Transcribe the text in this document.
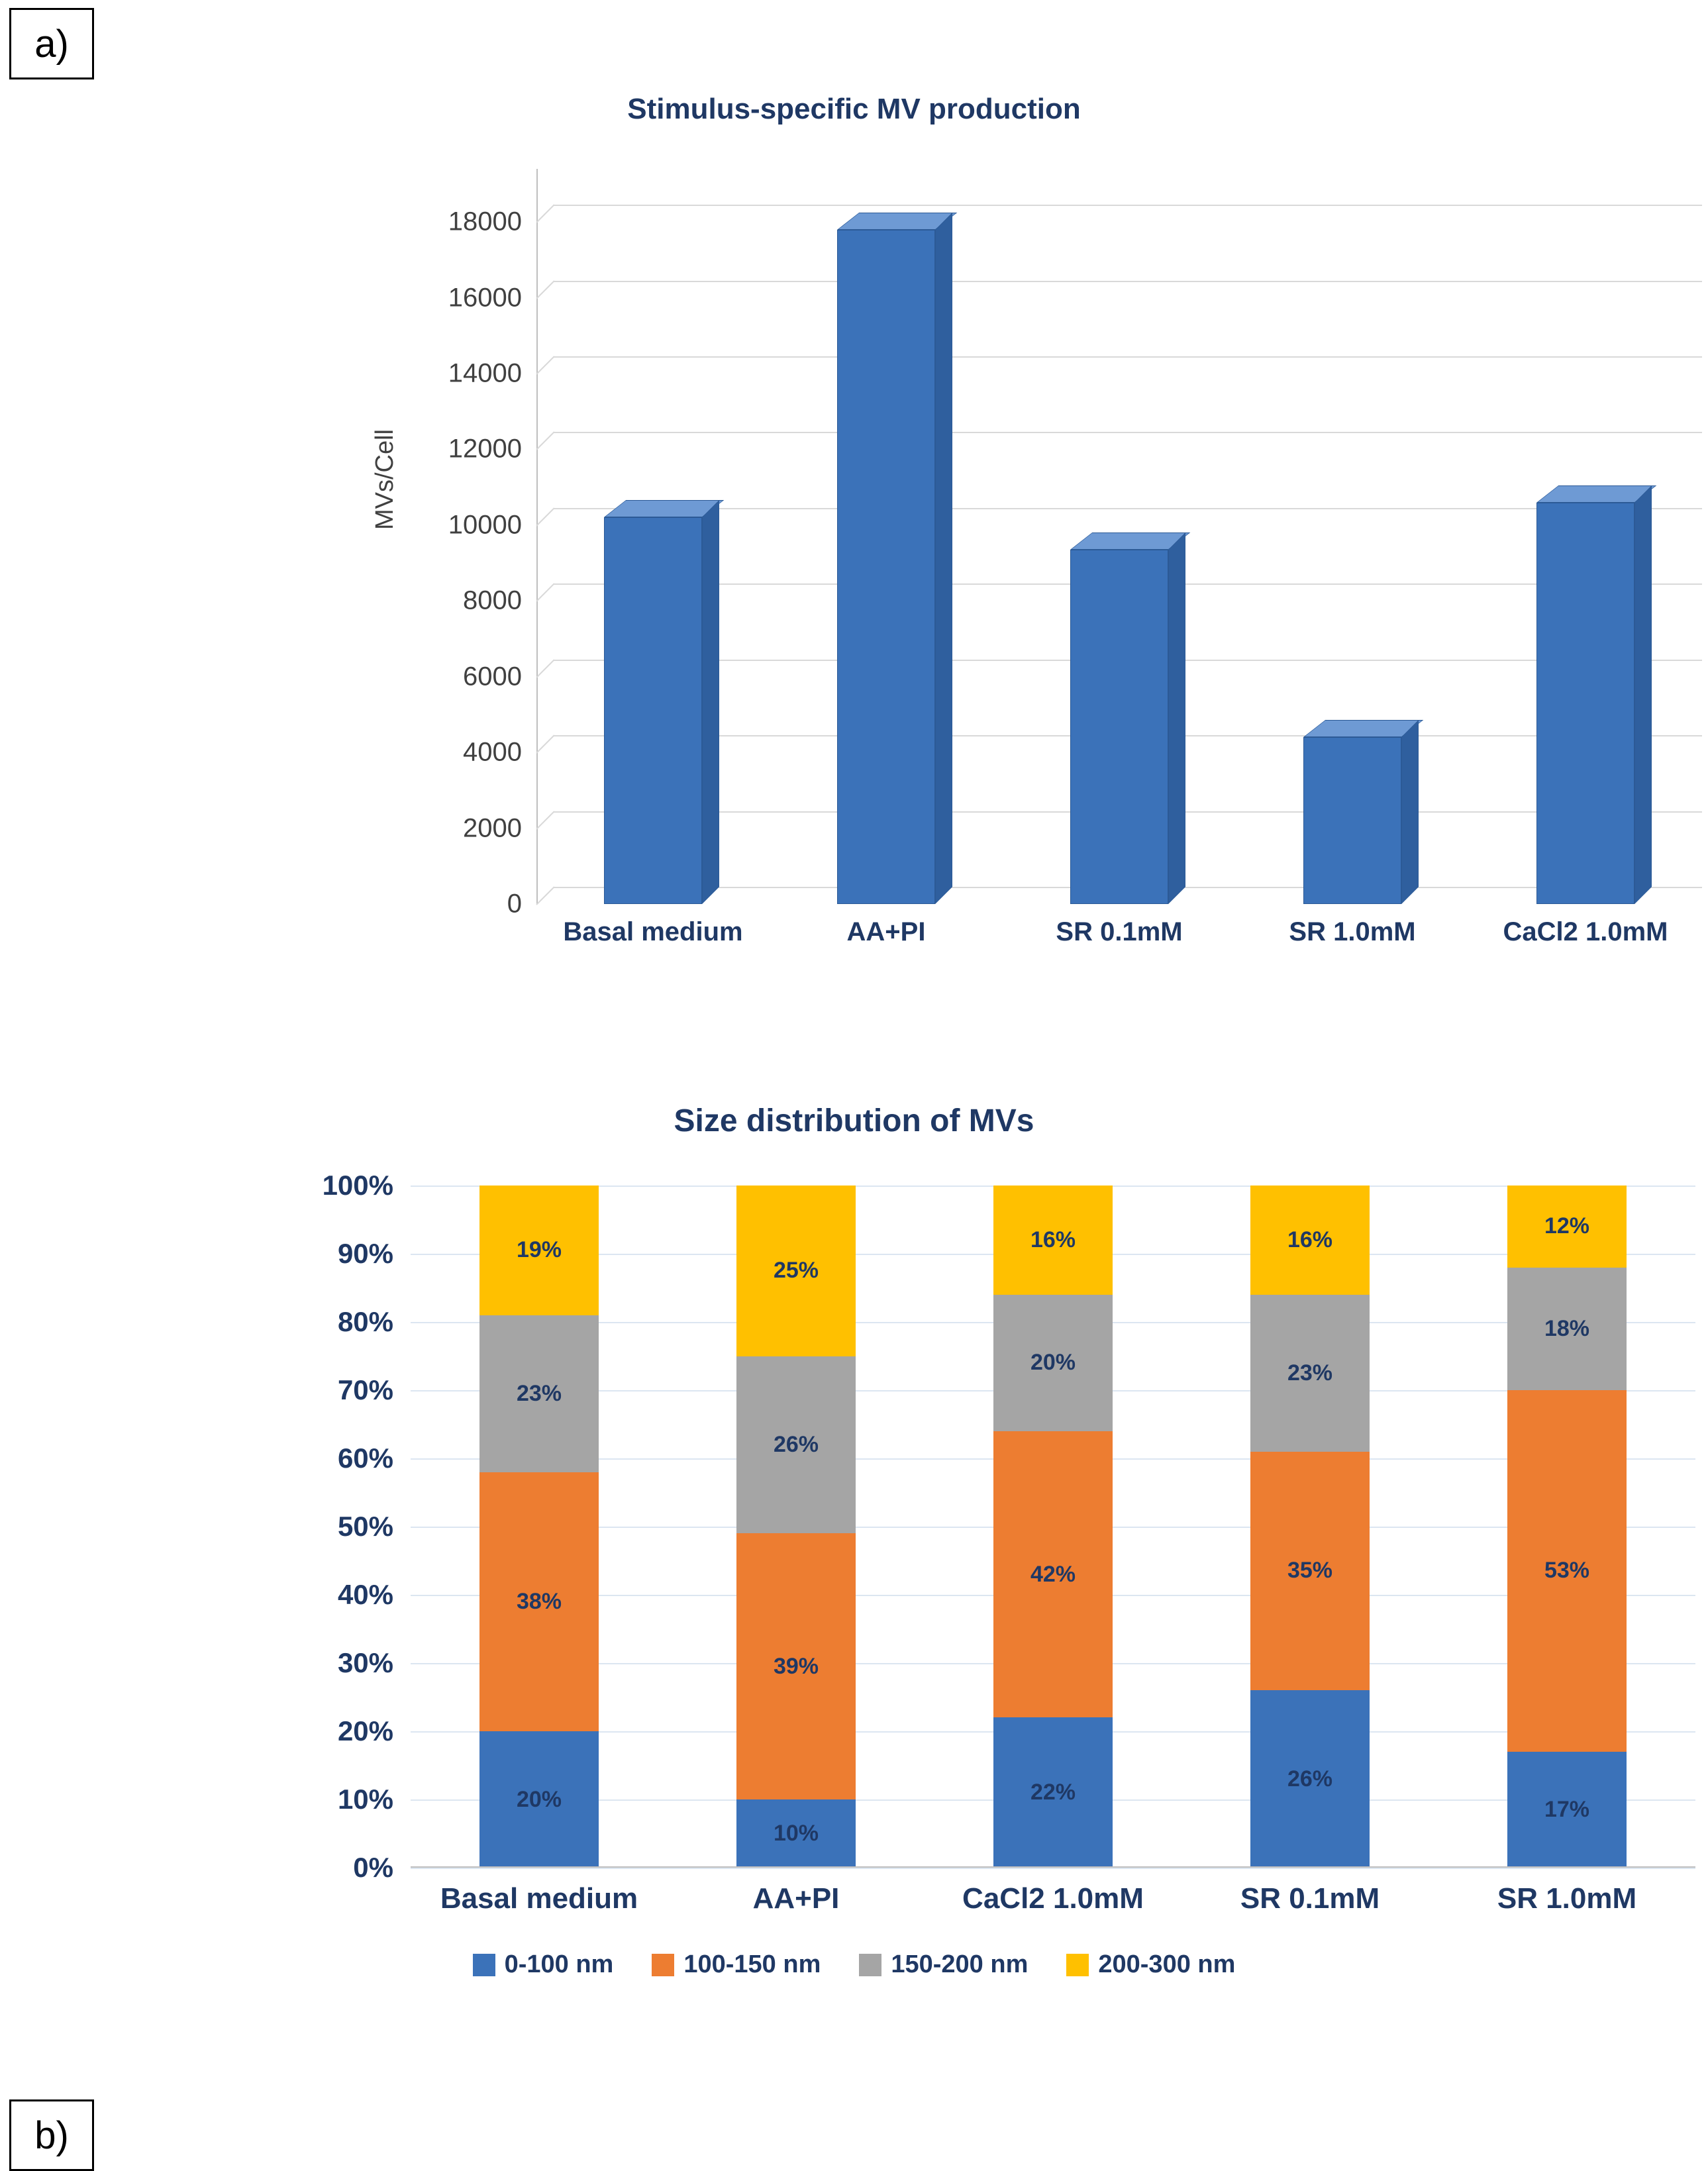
a)
Stimulus-specific MV production
MVs/Cell
0
2000
4000
6000
8000
10000
12000
14000
16000
18000
Basal medium	AA+PI	SR 0.1mM	SR 1.0mM	CaCl2 1.0mM
b)
Size distribution of MVs
0%
10%
20%
30%
40%
50%
60%
70%
80%
90%
100%
20%
38%
23%
19%
10%
39%
26%
25%
22%
42%
20%
16%
26%
35%
23%
16%
17%
53%
18%
12%
Basal medium	AA+PI	CaCl2 1.0mM	SR 0.1mM	SR 1.0mM
0-100 nm	100-150 nm	150-200 nm	200-300 nm
